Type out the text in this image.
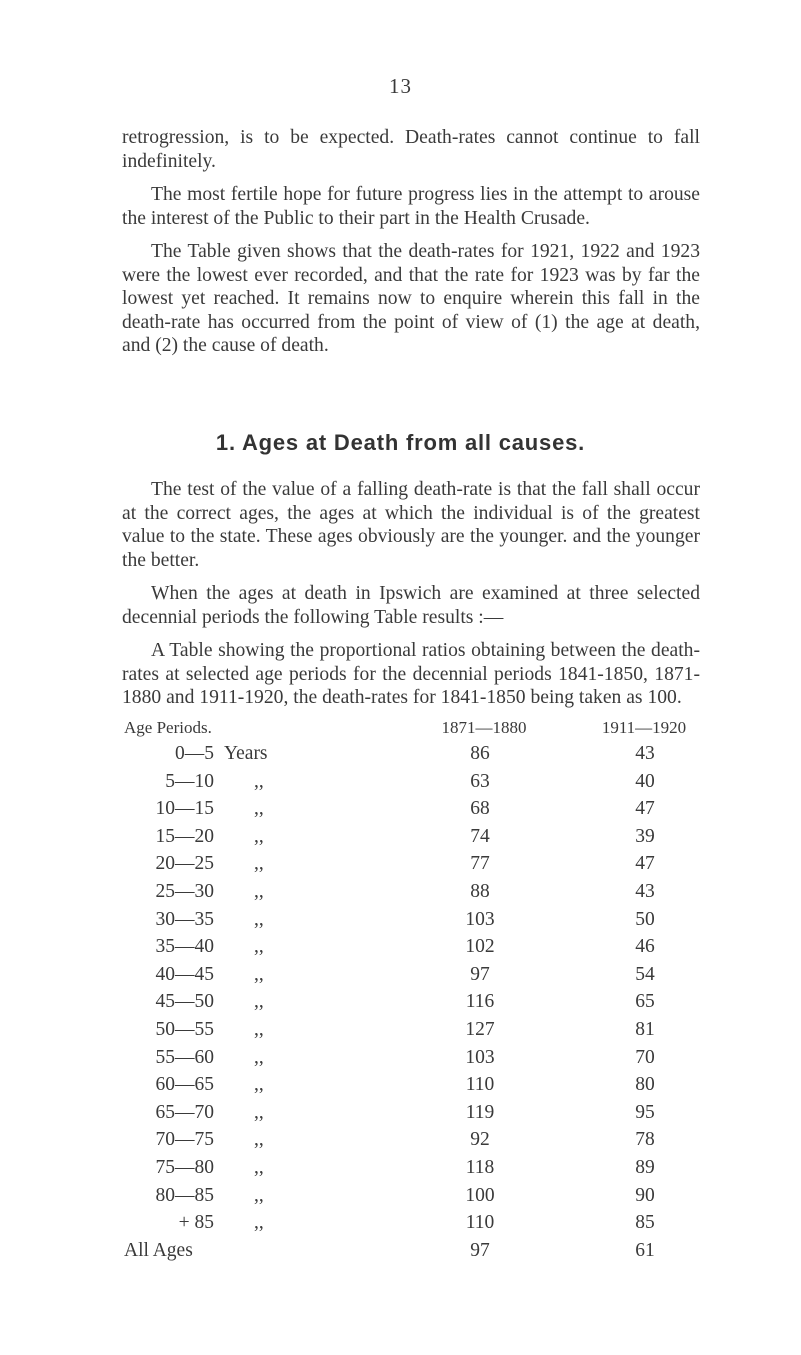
13

retrogression, is to be expected. Death-rates cannot continue to fall indefinitely.

The most fertile hope for future progress lies in the attempt to arouse the interest of the Public to their part in the Health Crusade.

The Table given shows that the death-rates for 1921, 1922 and 1923 were the lowest ever recorded, and that the rate for 1923 was by far the lowest yet reached. It remains now to enquire wherein this fall in the death-rate has occurred from the point of view of (1) the age at death, and (2) the cause of death.

1. Ages at Death from all causes.

The test of the value of a falling death-rate is that the fall shall occur at the correct ages, the ages at which the individual is of the greatest value to the state. These ages obviously are the younger. and the younger the better.

When the ages at death in Ipswich are examined at three selected decennial periods the following Table results :—

A Table showing the proportional ratios obtaining between the death-rates at selected age periods for the decennial periods 1841-1850, 1871-1880 and 1911-1920, the death-rates for 1841-1850 being taken as 100.

Age Periods.	1871—1880	1911—1920
0—5 Years	86	43
5—10 ,,	63	40
10—15 ,,	68	47
15—20 ,,	74	39
20—25 ,,	77	47
25—30 ,,	88	43
30—35 ,,	103	50
35—40 ,,	102	46
40—45 ,,	97	54
45—50 ,,	116	65
50—55 ,,	127	81
55—60 ,,	103	70
60—65 ,,	110	80
65—70 ,,	119	95
70—75 ,,	92	78
75—80 ,,	118	89
80—85 ,,	100	90
+ 85 ,,	110	85
All Ages	97	61
